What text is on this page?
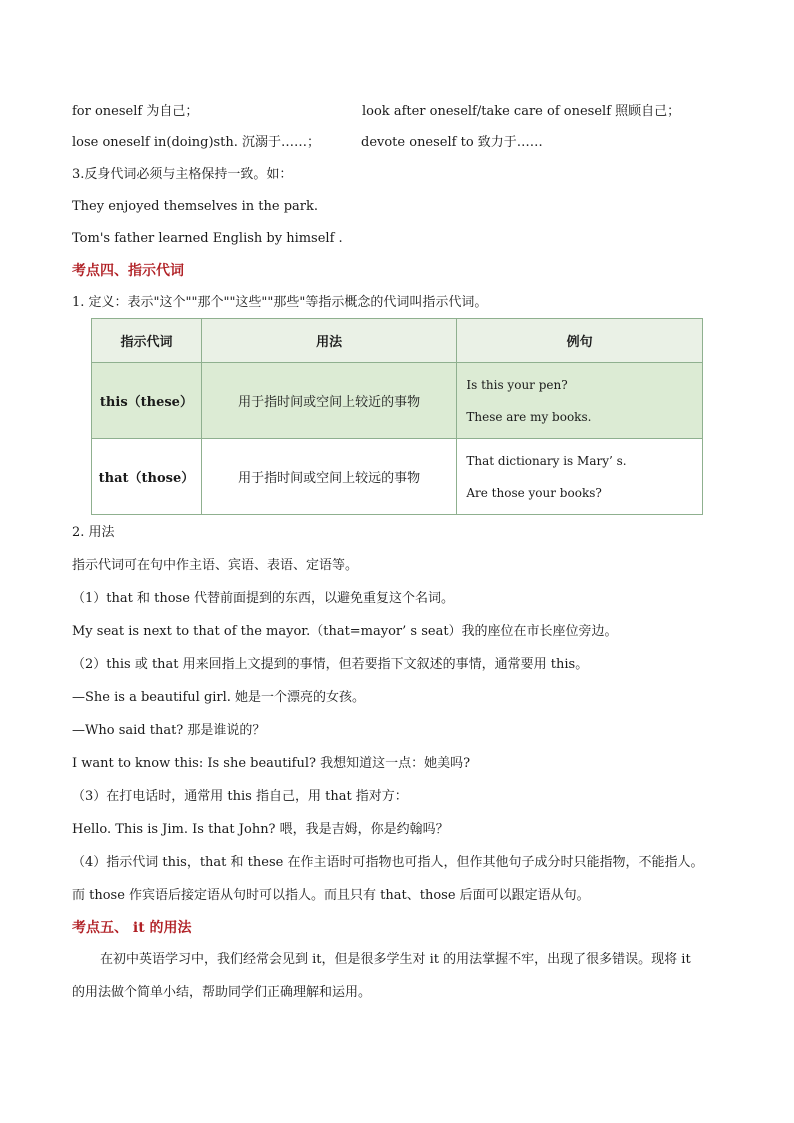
for oneself 为自己；	look after oneself/take care of oneself 照顾自己；
lose oneself in(doing)sth. 沉溺于……；	devote oneself to 致力于……
3.反身代词必须与主格保持一致。如：
They enjoyed themselves in the park.
Tom's father learned English by himself .
考点四、指示代词
1. 定义：表示"这个""那个""这些""那些"等指示概念的代词叫指示代词。
指示代词	用法	例句
this（these）	用于指时间或空间上较近的事物	Is this your pen?
These are my books.

that（those）	用于指时间或空间上较远的事物	That dictionary is Mary’ s.
Are those your books?
2. 用法
指示代词可在句中作主语、宾语、表语、定语等。
（1）that 和 those 代替前面提到的东西，以避免重复这个名词。
My seat is next to that of the mayor.（that=mayor’ s seat）我的座位在市长座位旁边。
（2）this 或 that 用来回指上文提到的事情，但若要指下文叙述的事情，通常要用 this。
—She is a beautiful girl. 她是一个漂亮的女孩。
—Who said that? 那是谁说的？
I want to know this: Is she beautiful? 我想知道这一点：她美吗?
（3）在打电话时，通常用 this 指自己，用 that 指对方：
Hello. This is Jim. Is that John? 喂，我是吉姆，你是约翰吗？
（4）指示代词 this，that 和 these 在作主语时可指物也可指人，但作其他句子成分时只能指物，不能指人。
而 those 作宾语后接定语从句时可以指人。而且只有 that、those 后面可以跟定语从句。
考点五、 it 的用法
在初中英语学习中，我们经常会见到 it，但是很多学生对 it 的用法掌握不牢，出现了很多错误。现将 it
的用法做个简单小结，帮助同学们正确理解和运用。
